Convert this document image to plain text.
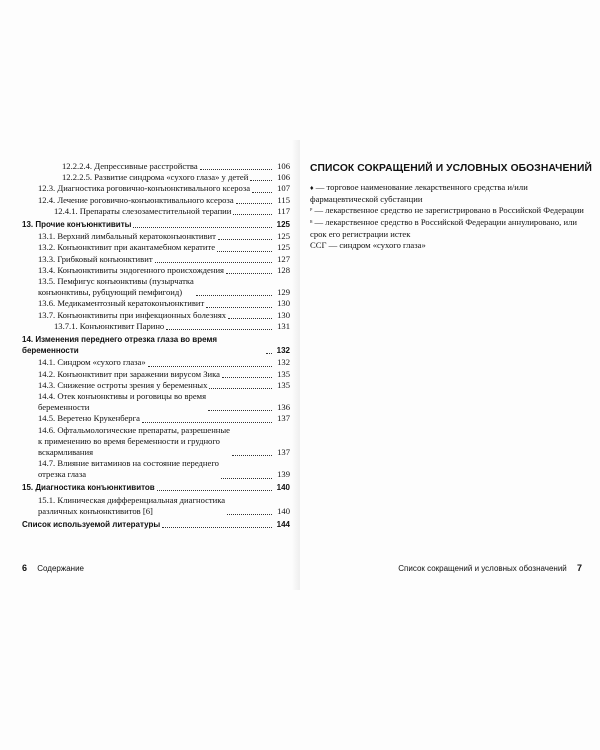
12.2.2.4. Депрессивные расстройства	106
12.2.2.5. Развитие синдрома «сухого глаза» у детей	106
12.3. Диагностика роговично-конъюнктивального ксероза	107
12.4. Лечение роговично-конъюнктивального ксероза	115
12.4.1. Препараты слезозаместительной терапии	117
13. Прочие конъюнктивиты	125
13.1. Верхний лимбальный кератоконъюнктивит	125
13.2. Конъюнктивит при акантамебном кератите	125
13.3. Грибковый конъюнктивит	127
13.4. Конъюнктивиты эндогенного происхождения	128
13.5. Пемфигус конъюнктивы (пузырчатка
конъюнктивы, рубцующий пемфигоид)	129
13.6. Медикаментозный кератоконъюнктивит	130
13.7. Конъюнктивиты при инфекционных болезнях	130
13.7.1. Конъюнктивит Парино	131
14. Изменения переднего отрезка глаза во время беременности	132
14.1. Синдром «сухого глаза»	132
14.2. Конъюнктивит при заражении вирусом Зика	135
14.3. Снижение остроты зрения у беременных	135
14.4. Отек конъюнктивы и роговицы во время
беременности	136
14.5. Веретено Крукенберга	137
14.6. Офтальмологические препараты, разрешенные
к применению во время беременности и грудного
вскармливания	137
14.7. Влияние витаминов на состояние переднего
отрезка глаза	139
15. Диагностика конъюнктивитов	140
15.1. Клиническая дифференциальная диагностика
различных конъюнктивитов [6]	140
Список используемой литературы	144
6 Содержание
СПИСОК СОКРАЩЕНИЙ И УСЛОВНЫХ ОБОЗНАЧЕНИЙ
♦ — торговое наименование лекарственного средства и/или фармацевтической субстанции
ᴾ — лекарственное средство не зарегистрировано в Российской Федерации
ᴽ — лекарственное средство в Российской Федерации аннулировано, или срок его регистрации истек
ССГ — синдром «сухого глаза»
Список сокращений и условных обозначений 7
